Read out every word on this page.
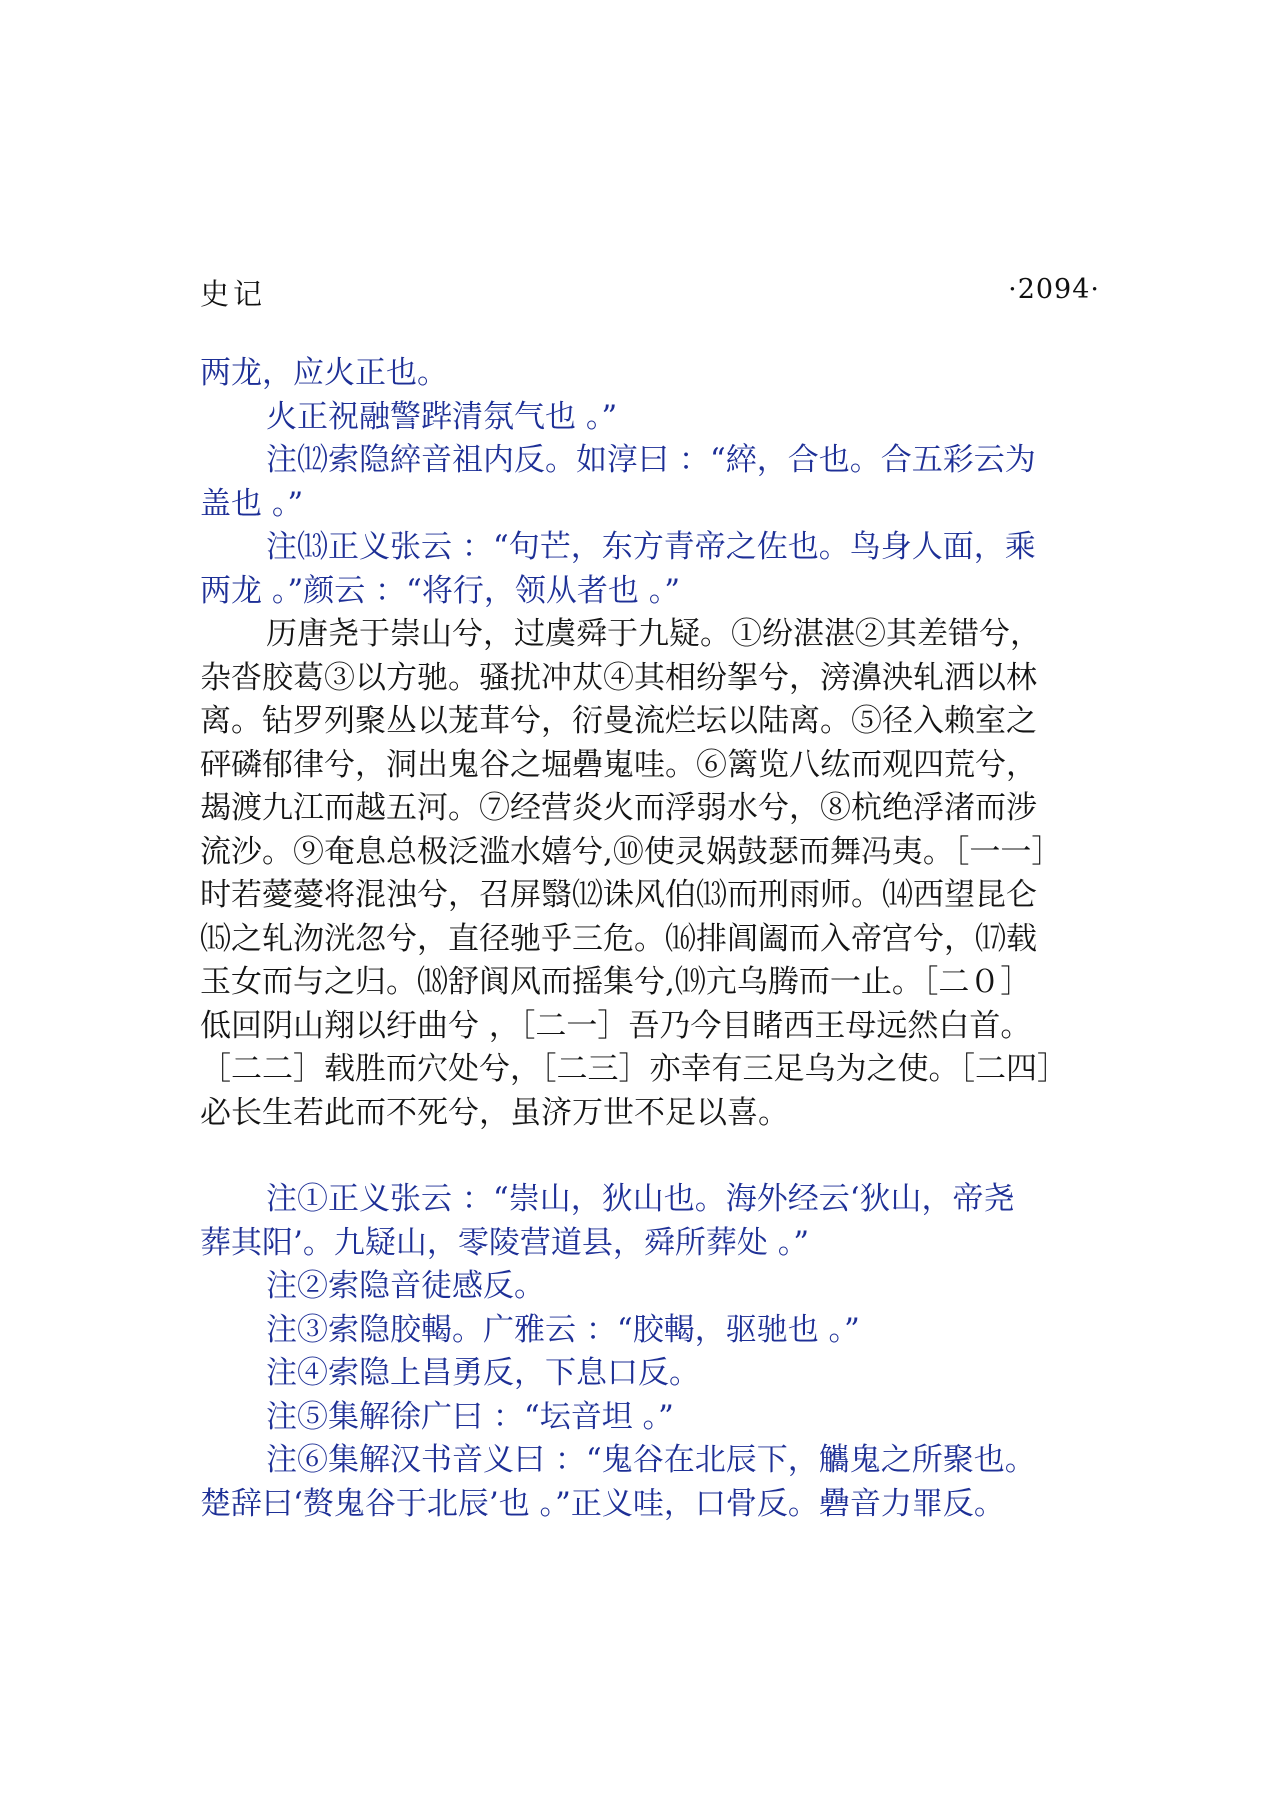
史记	·2094·
两龙，应火正也。
火正祝融警跸清氛气也 。”
注⑿索隐綷音祖内反。如淳曰 ：“綷，合也。合五彩云为
盖也 。”
注⒀正义张云 ：“句芒，东方青帝之佐也。鸟身人面，乘
两龙 。”颜云 ：“将行，领从者也 。”
历唐尧于崇山兮，过虞舜于九疑。①纷湛湛②其差错兮，
杂沓胶葛③以方驰。骚扰冲苁④其相纷挐兮，滂濞泱轧洒以林
离。钻罗列聚丛以茏茸兮，衍曼流烂坛以陆离。⑤径入赖室之
砰磷郁律兮，洞出鬼谷之堀礨嵬哇。⑥篱览八纮而观四荒兮，
朅渡九江而越五河。⑦经营炎火而浮弱水兮，⑧杭绝浮渚而涉
流沙。⑨奄息总极泛滥水嬉兮,⑩使灵娲鼓瑟而舞冯夷。［一一］
时若薆薆将混浊兮，召屏翳⑿诛风伯⒀而刑雨师。⒁西望昆仑
⒂之轧沕洸忽兮，直径驰乎三危。⒃排阊阖而入帝宫兮，⒄载
玉女而与之归。⒅舒阆风而摇集兮,⒆亢乌腾而一止。［二０］
低回阴山翔以纡曲兮 ，［二一］吾乃今目睹西王母远然白首。
［二二］载胜而穴处兮，［二三］亦幸有三足乌为之使。［二四］
必长生若此而不死兮，虽济万世不足以喜。
注①正义张云 ：“崇山，狄山也。海外经云‘狄山，帝尧
葬其阳’。九疑山，零陵营道县，舜所葬处 。”
注②索隐音徒感反。
注③索隐胶輵。广雅云 ：“胶輵，驱驰也 。”
注④索隐上昌勇反，下息口反。
注⑤集解徐广曰 ：“坛音坦 。”
注⑥集解汉书音义曰 ：“鬼谷在北辰下，觿鬼之所聚也。
楚辞曰‘赘鬼谷于北辰’也 。”正义哇，口骨反。礨音力罪反。
